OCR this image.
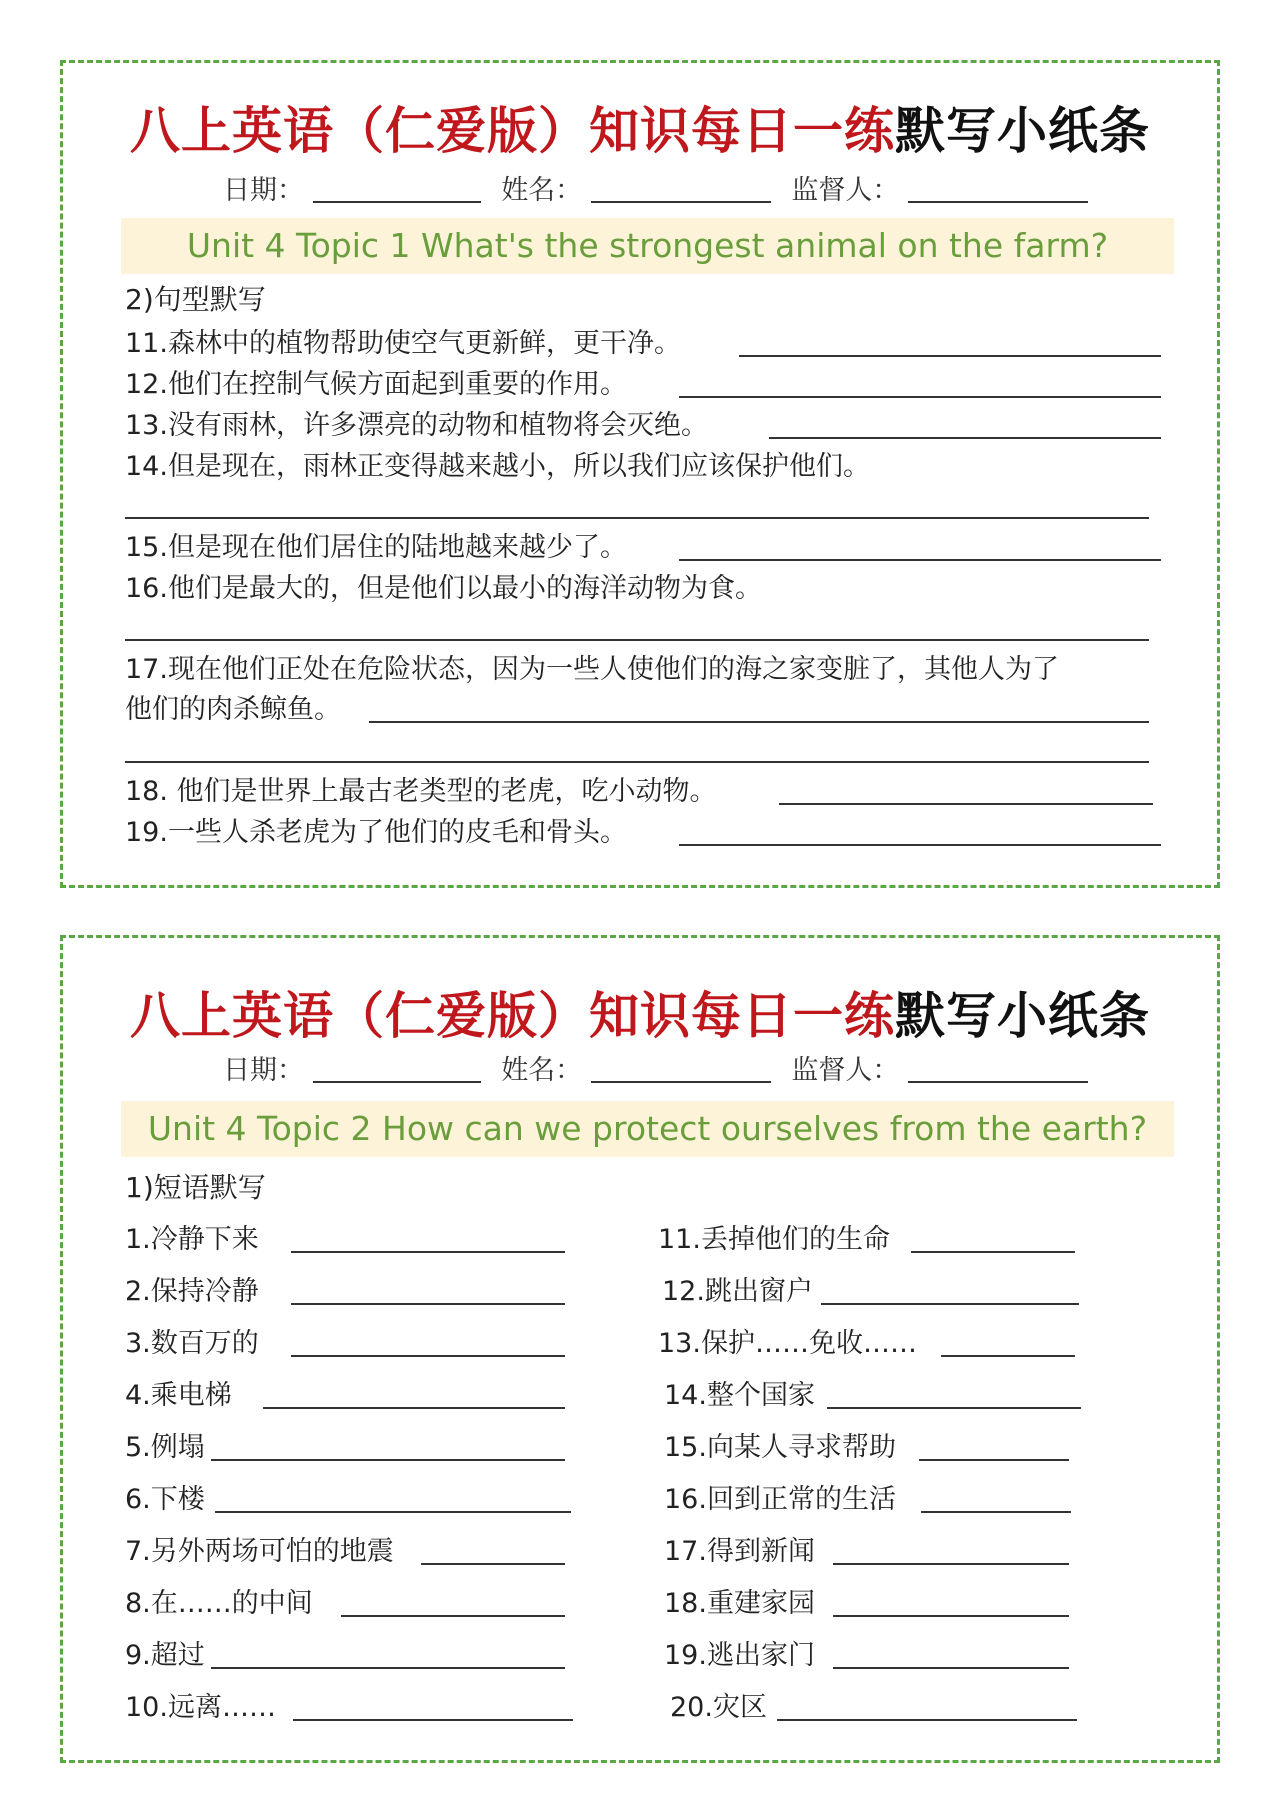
八上英语（仁爱版）知识每日一练默写小纸条
日期：	姓名：	监督人：
Unit 4 Topic 1 What's the strongest animal on the farm?
2)句型默写
11.森林中的植物帮助使空气更新鲜，更干净。
12.他们在控制气候方面起到重要的作用。
13.没有雨林，许多漂亮的动物和植物将会灭绝。
14.但是现在，雨林正变得越来越小，所以我们应该保护他们。
15.但是现在他们居住的陆地越来越少了。
16.他们是最大的，但是他们以最小的海洋动物为食。
17.现在他们正处在危险状态，因为一些人使他们的海之家变脏了，其他人为了
他们的肉杀鲸鱼。
18. 他们是世界上最古老类型的老虎，吃小动物。
19.一些人杀老虎为了他们的皮毛和骨头。
八上英语（仁爱版）知识每日一练默写小纸条
日期：	姓名：	监督人：
Unit 4 Topic 2 How can we protect ourselves from the earth?
1)短语默写
1.冷静下来
2.保持冷静
3.数百万的
4.乘电梯
5.例塌
6.下楼
7.另外两场可怕的地震
8.在……的中间
9.超过
10.远离……
11.丢掉他们的生命
12.跳出窗户
13.保护……免收……
14.整个国家
15.向某人寻求帮助
16.回到正常的生活
17.得到新闻
18.重建家园
19.逃出家门
20.灾区
